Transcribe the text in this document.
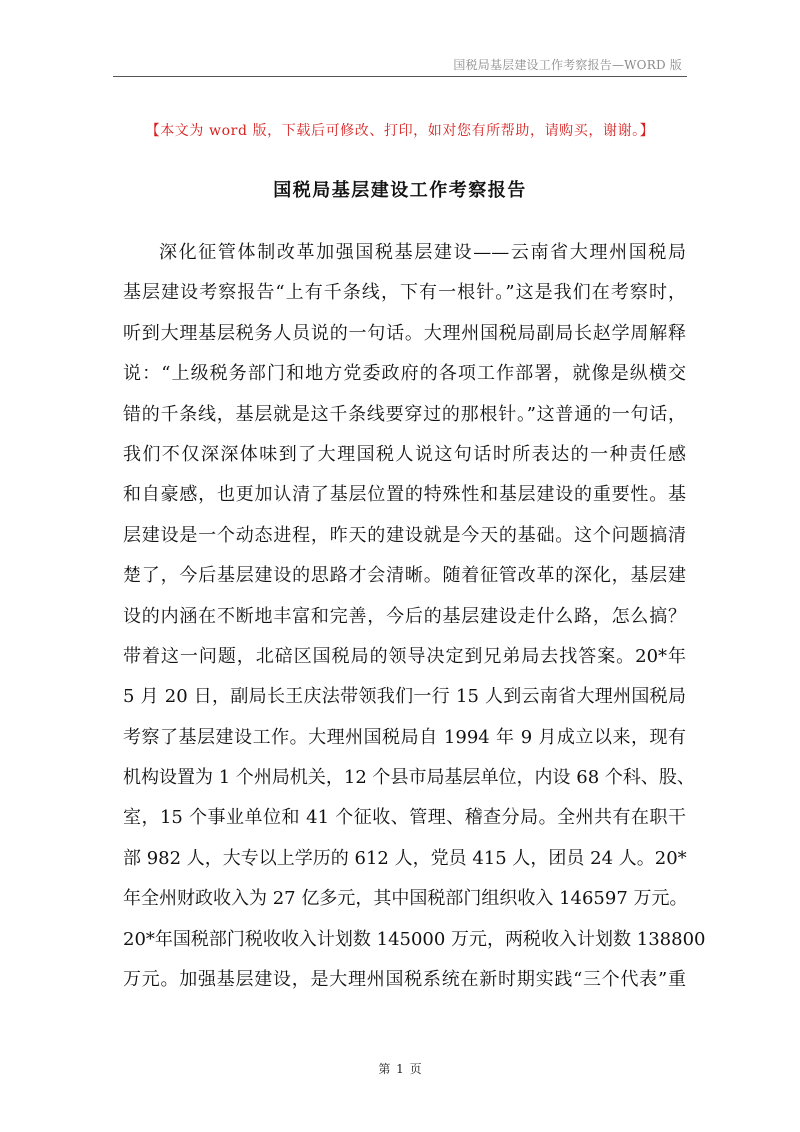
国税局基层建设工作考察报告—WORD 版
【本文为 word 版，下载后可修改、打印，如对您有所帮助，请购买，谢谢。】
国税局基层建设工作考察报告
深化征管体制改革加强国税基层建设——云南省大理州国税局
基层建设考察报告“上有千条线，下有一根针。”这是我们在考察时，
听到大理基层税务人员说的一句话。大理州国税局副局长赵学周解释
说：“上级税务部门和地方党委政府的各项工作部署，就像是纵横交
错的千条线，基层就是这千条线要穿过的那根针。”这普通的一句话，
我们不仅深深体味到了大理国税人说这句话时所表达的一种责任感
和自豪感，也更加认清了基层位置的特殊性和基层建设的重要性。基
层建设是一个动态进程，昨天的建设就是今天的基础。这个问题搞清
楚了，今后基层建设的思路才会清晰。随着征管改革的深化，基层建
设的内涵在不断地丰富和完善，今后的基层建设走什么路，怎么搞？
带着这一问题，北碚区国税局的领导决定到兄弟局去找答案。20*年
5 月 20 日，副局长王庆法带领我们一行 15 人到云南省大理州国税局
考察了基层建设工作。大理州国税局自 1994 年 9 月成立以来，现有
机构设置为 1 个州局机关，12 个县市局基层单位，内设 68 个科、股、
室，15 个事业单位和 41 个征收、管理、稽查分局。全州共有在职干
部 982 人，大专以上学历的 612 人，党员 415 人，团员 24 人。20*
年全州财政收入为 27 亿多元，其中国税部门组织收入 146597 万元。
20*年国税部门税收收入计划数 145000 万元，两税收入计划数 138800
万元。加强基层建设，是大理州国税系统在新时期实践“三个代表”重
第 1 页
